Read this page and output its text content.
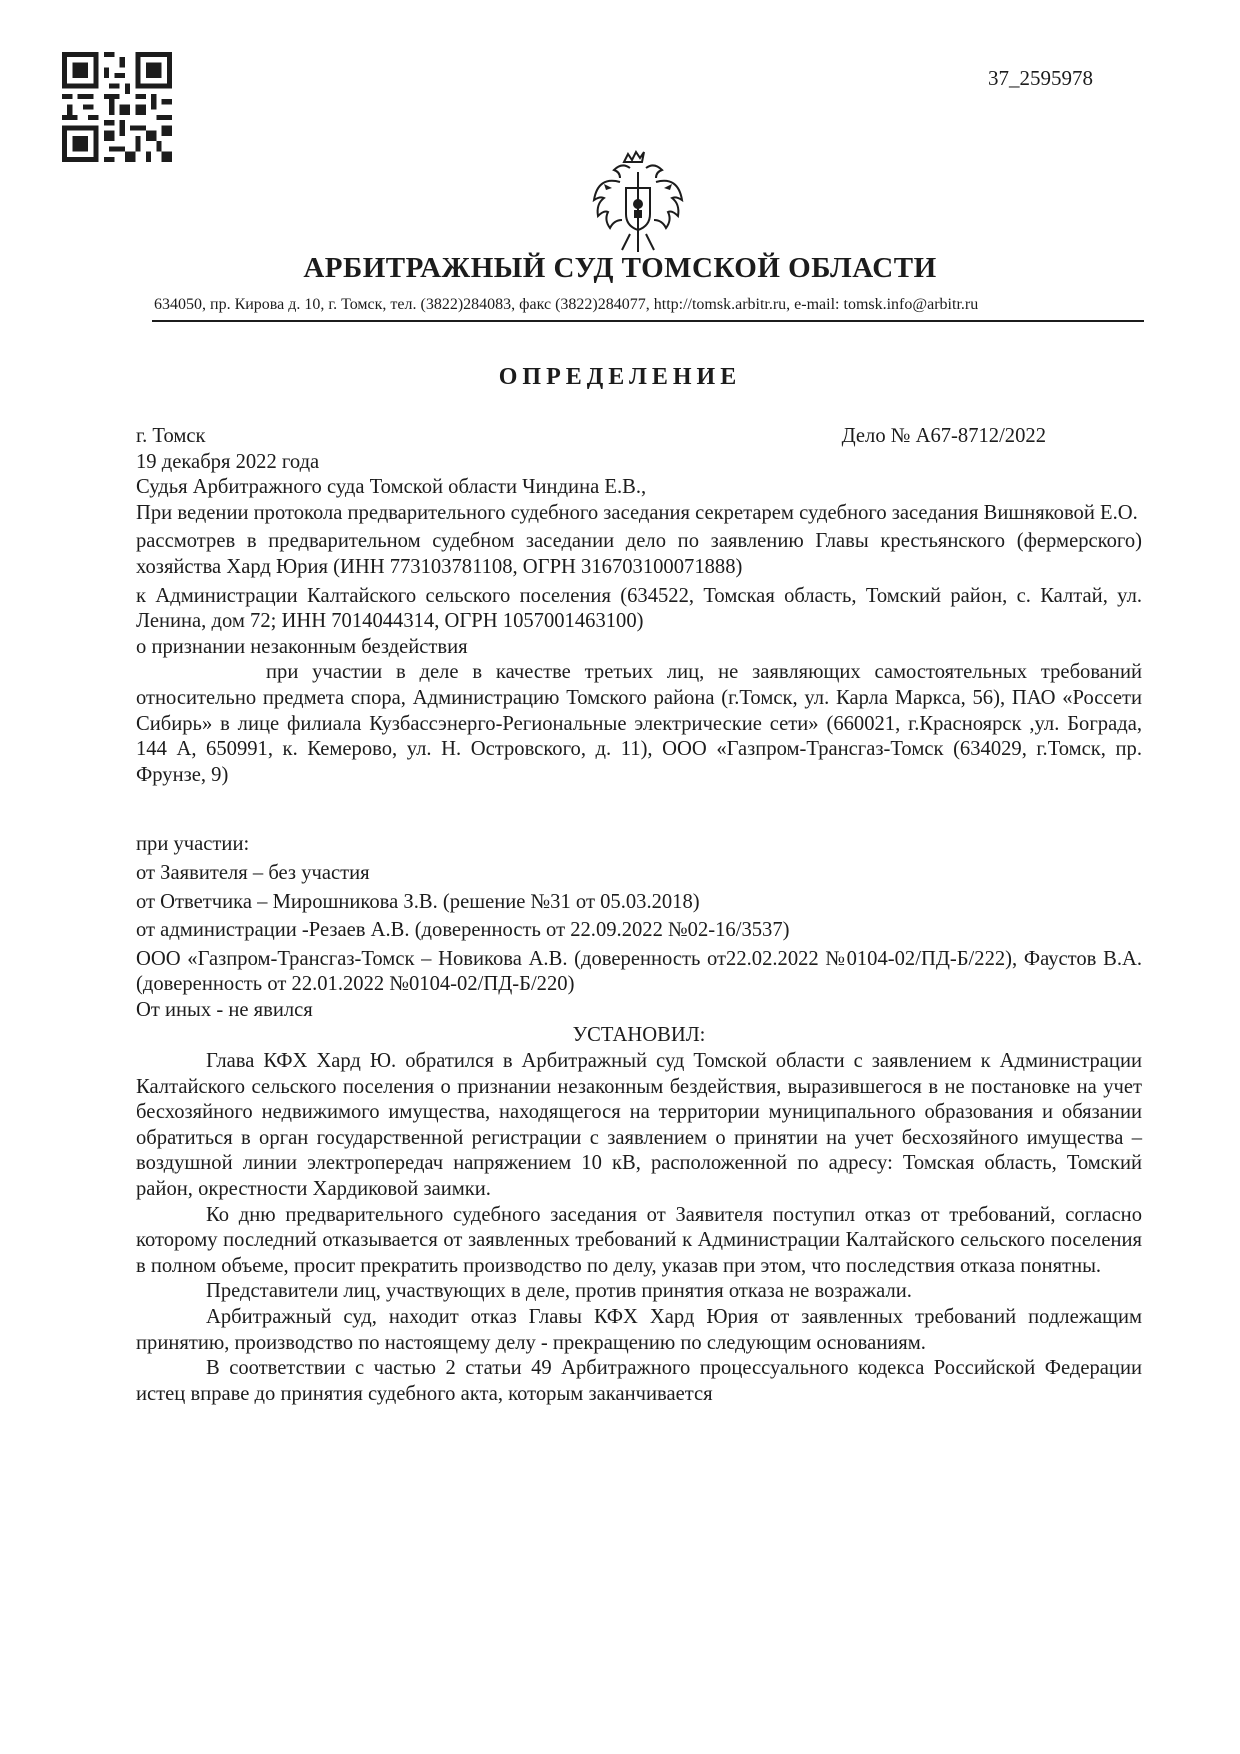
37_2595978
АРБИТРАЖНЫЙ СУД ТОМСКОЙ ОБЛАСТИ
634050, пр. Кирова д. 10, г. Томск, тел. (3822)284083, факс (3822)284077, http://tomsk.arbitr.ru, e-mail: tomsk.info@arbitr.ru
ОПРЕДЕЛЕНИЕ
г. Томск	Дело № А67-8712/2022

19 декабря 2022 года

Судья Арбитражного суда Томской области Чиндина Е.В.,

При ведении протокола предварительного судебного заседания секретарем судебного заседания Вишняковой Е.О.

рассмотрев в предварительном судебном заседании дело по заявлению Главы крестьянского (фермерского) хозяйства Хард Юрия (ИНН 773103781108, ОГРН 316703100071888)

к Администрации Калтайского сельского поселения (634522, Томская область, Томский район, с. Калтай, ул. Ленина, дом 72; ИНН 7014044314, ОГРН 1057001463100)

о признании незаконным бездействия

при участии в деле в качестве третьих лиц, не заявляющих самостоятельных требований относительно предмета спора, Администрацию Томского района (г.Томск, ул. Карла Маркса, 56), ПАО «Россети Сибирь» в лице филиала Кузбассэнерго-Региональные электрические сети» (660021, г.Красноярск ,ул. Бограда, 144 А, 650991, к. Кемерово, ул. Н. Островского, д. 11), ООО «Газпром-Трансгаз-Томск (634029, г.Томск, пр. Фрунзе, 9)

при участии:

от Заявителя – без участия

от Ответчика – Мирошникова З.В. (решение №31 от 05.03.2018)

от администрации -Резаев А.В. (доверенность от 22.09.2022 №02-16/3537)

ООО «Газпром-Трансгаз-Томск – Новикова А.В. (доверенность от22.02.2022 №0104-02/ПД-Б/222), Фаустов В.А. (доверенность от 22.01.2022 №0104-02/ПД-Б/220)

От иных - не явился

УСТАНОВИЛ:

Глава КФХ Хард Ю. обратился в Арбитражный суд Томской области с заявлением к Администрации Калтайского сельского поселения о признании незаконным бездействия, выразившегося в не постановке на учет бесхозяйного недвижимого имущества, находящегося на территории муниципального образования и обязании обратиться в орган государственной регистрации с заявлением о принятии на учет бесхозяйного имущества – воздушной линии электропередач напряжением 10 кВ, расположенной по адресу: Томская область, Томский район, окрестности Хардиковой заимки.

Ко дню предварительного судебного заседания от Заявителя поступил отказ от требований, согласно которому последний отказывается от заявленных требований к Администрации Калтайского сельского поселения в полном объеме, просит прекратить производство по делу, указав при этом, что последствия отказа понятны.

Представители лиц, участвующих в деле, против принятия отказа не возражали.

Арбитражный суд, находит отказ Главы КФХ Хард Юрия от заявленных требований подлежащим принятию, производство по настоящему делу - прекращению по следующим основаниям.

В соответствии с частью 2 статьи 49 Арбитражного процессуального кодекса Российской Федерации истец вправе до принятия судебного акта, которым заканчивается
